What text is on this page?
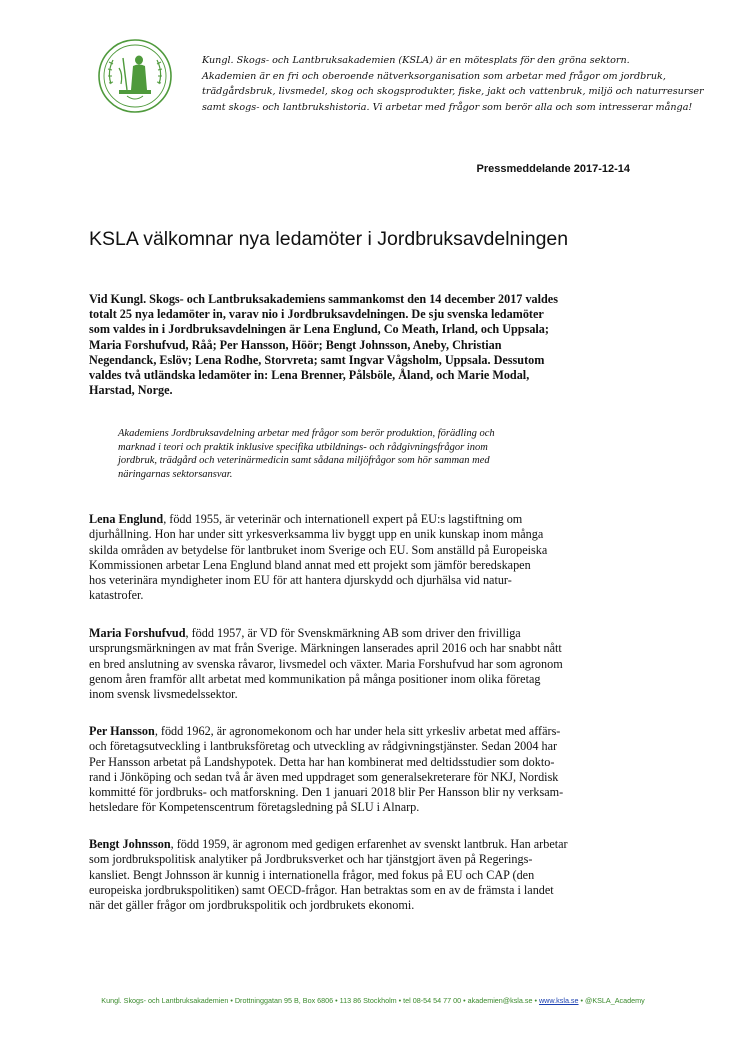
Kungl. Skogs- och Lantbruksakademien (KSLA) är en mötesplats för den gröna sektorn.

Akademien är en fri och oberoende nätverksorganisation som arbetar med frågor om jordbruk,

trädgårdsbruk, livsmedel, skog och skogsprodukter, fiske, jakt och vattenbruk, miljö och naturresurser

samt skogs- och lantbrukshistoria. Vi arbetar med frågor som berör alla och som intresserar många!

Pressmeddelande 2017-12-14
KSLA välkomnar nya ledamöter i Jordbruksavdelningen

Vid Kungl. Skogs- och Lantbruksakademiens sammankomst den 14 december 2017 valdes
totalt 25 nya ledamöter in, varav nio i Jordbruksavdelningen. De sju svenska ledamöter
som valdes in i Jordbruksavdelningen är Lena Englund, Co Meath, Irland, och Uppsala;
Maria Forshufvud, Råå; Per Hansson, Höör; Bengt Johnsson, Aneby, Christian
Negendanck, Eslöv; Lena Rodhe, Storvreta; samt Ingvar Vågsholm, Uppsala. Dessutom
valdes två utländska ledamöter in: Lena Brenner, Pålsböle, Åland, och Marie Modal,
Harstad, Norge.

Akademiens Jordbruksavdelning arbetar med frågor som berör produktion, förädling och
marknad i teori och praktik inklusive specifika utbildnings- och rådgivningsfrågor inom
jordbruk, trädgård och veterinärmedicin samt sådana miljöfrågor som hör samman med
näringarnas sektorsansvar.

Lena Englund, född 1955, är veterinär och internationell expert på EU:s lagstiftning om
djurhållning. Hon har under sitt yrkesverksamma liv byggt upp en unik kunskap inom många
skilda områden av betydelse för lantbruket inom Sverige och EU. Som anställd på Europeiska
Kommissionen arbetar Lena Englund bland annat med ett projekt som jämför beredskapen
hos veterinära myndigheter inom EU för att hantera djurskydd och djurhälsa vid natur-
katastrofer.

Maria Forshufvud, född 1957, är VD för Svenskmärkning AB som driver den frivilliga
ursprungsmärkningen av mat från Sverige. Märkningen lanserades april 2016 och har snabbt nått
en bred anslutning av svenska råvaror, livsmedel och växter. Maria Forshufvud har som agronom
genom åren framför allt arbetat med kommunikation på många positioner inom olika företag
inom svensk livsmedelssektor.

Per Hansson, född 1962, är agronomekonom och har under hela sitt yrkesliv arbetat med affärs-
och företagsutveckling i lantbruksföretag och utveckling av rådgivningstjänster. Sedan 2004 har
Per Hansson arbetat på Landshypotek. Detta har han kombinerat med deltidsstudier som dokto-
rand i Jönköping och sedan två år även med uppdraget som generalsekreterare för NKJ, Nordisk
kommitté för jordbruks- och matforskning. Den 1 januari 2018 blir Per Hansson blir ny verksam-
hetsledare för Kompetenscentrum företagsledning på SLU i Alnarp.

Bengt Johnsson, född 1959, är agronom med gedigen erfarenhet av svenskt lantbruk. Han arbetar
som jordbrukspolitisk analytiker på Jordbruksverket och har tjänstgjort även på Regerings-
kansliet. Bengt Johnsson är kunnig i internationella frågor, med fokus på EU och CAP (den
europeiska jordbrukspolitiken) samt OECD-frågor. Han betraktas som en av de främsta i landet
när det gäller frågor om jordbrukspolitik och jordbrukets ekonomi.

Kungl. Skogs- och Lantbruksakademien • Drottninggatan 95 B, Box 6806 • 113 86 Stockholm • tel 08-54 54 77 00 • akademien@ksla.se • www.ksla.se • @KSLA_Academy
